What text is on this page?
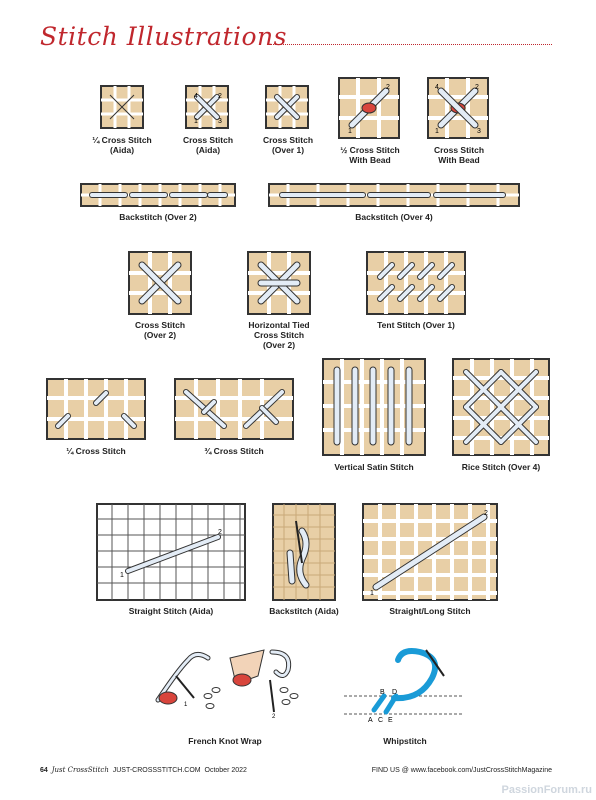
Stitch Illustrations
¼ Cross Stitch
(Aida)
4	2
1	3
Cross Stitch
(Aida)
Cross Stitch
(Over 1)
2
1
½ Cross Stitch
With Bead
4	2
1	3
Cross Stitch
With Bead
Backstitch (Over 2)	Backstitch (Over 4)
Cross Stitch
(Over 2)
Horizontal Tied
Cross Stitch
(Over 2)
Tent Stitch (Over 1)
¼ Cross Stitch	¾ Cross Stitch
Vertical Satin Stitch	Rice Stitch (Over 4)
1
2
Straight Stitch (Aida)	Backstitch (Aida)
2
1
Straight/Long Stitch
1
2
French Knot Wrap
B D
A C E
Whipstitch
64 Just CrossStitch JUST-CROSSSTITCH.COM October 2022	FIND US @ www.facebook.com/JustCrossStitchMagazine
PassionForum.ru
